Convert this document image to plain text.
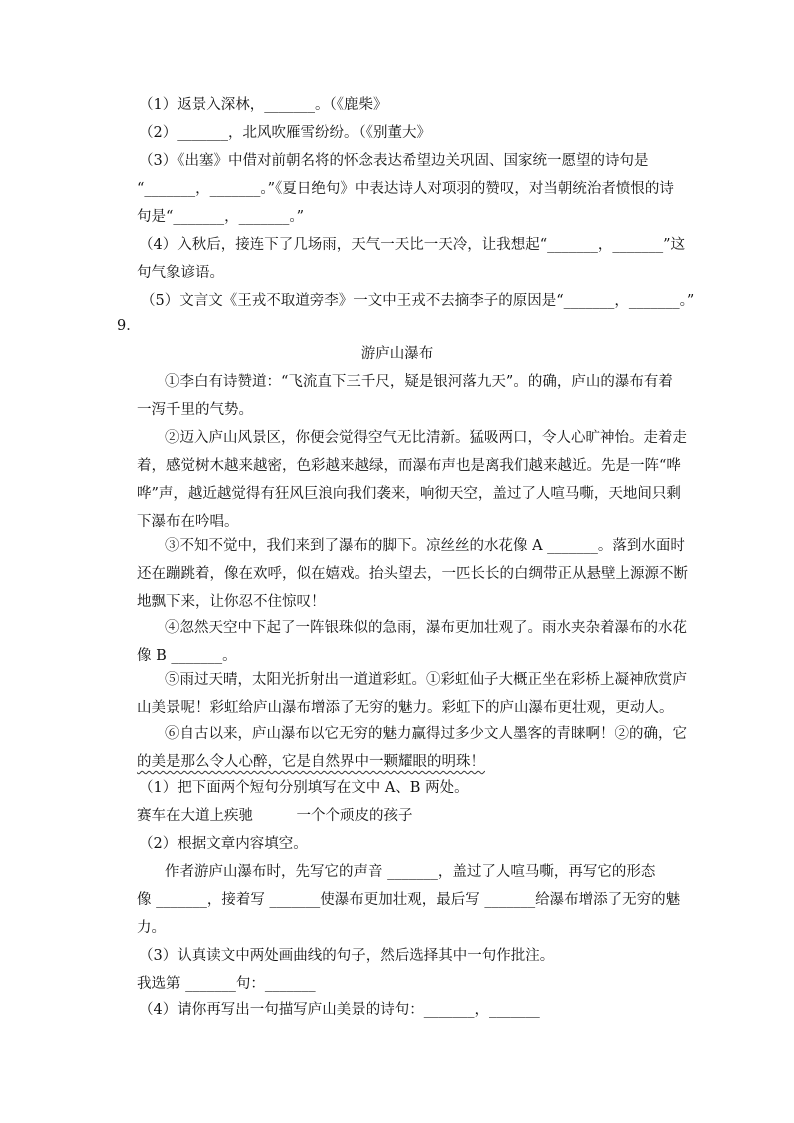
（1）返景入深林，_______。（《鹿柴》
（2）_______，北风吹雁雪纷纷。（《别董大》
（3）《出塞》中借对前朝名将的怀念表达希望边关巩固、国家统一愿望的诗句是
“_______，_______。”《夏日绝句》中表达诗人对项羽的赞叹，对当朝统治者愤恨的诗
句是“_______，_______。”
（4）入秋后，接连下了几场雨，天气一天比一天冷，让我想起“_______，_______”这
句气象谚语。
（5）文言文《王戎不取道旁李》一文中王戎不去摘李子的原因是“_______，_______。”
9．
游庐山瀑布
①李白有诗赞道：“飞流直下三千尺，疑是银河落九天”。的确，庐山的瀑布有着
一泻千里的气势。
②迈入庐山风景区，你便会觉得空气无比清新。猛吸两口，令人心旷神怡。走着走
着，感觉树木越来越密，色彩越来越绿，而瀑布声也是离我们越来越近。先是一阵“哗
哗”声，越近越觉得有狂风巨浪向我们袭来，响彻天空，盖过了人喧马嘶，天地间只剩
下瀑布在吟唱。
③不知不觉中，我们来到了瀑布的脚下。凉丝丝的水花像 A _______。落到水面时
还在蹦跳着，像在欢呼，似在嬉戏。抬头望去，一匹长长的白绸带正从悬壁上源源不断
地飘下来，让你忍不住惊叹！
④忽然天空中下起了一阵银珠似的急雨，瀑布更加壮观了。雨水夹杂着瀑布的水花
像 B _______。
⑤雨过天晴，太阳光折射出一道道彩虹。①彩虹仙子大概正坐在彩桥上凝神欣赏庐
山美景呢！彩虹给庐山瀑布增添了无穷的魅力。彩虹下的庐山瀑布更壮观，更动人。
⑥自古以来，庐山瀑布以它无穷的魅力赢得过多少文人墨客的青睐啊！②的确，它
的美是那么令人心醉，它是自然界中一颗耀眼的明珠！
（1）把下面两个短句分别填写在文中 A、B 两处。
赛车在大道上疾驰　　　一个个顽皮的孩子
（2）根据文章内容填空。
作者游庐山瀑布时，先写它的声音 _______，盖过了人喧马嘶，再写它的形态
像 _______，接着写 _______使瀑布更加壮观，最后写 _______给瀑布增添了无穷的魅
力。
（3）认真读文中两处画曲线的句子，然后选择其中一句作批注。
我选第 _______句：_______
（4）请你再写出一句描写庐山美景的诗句：_______，_______
